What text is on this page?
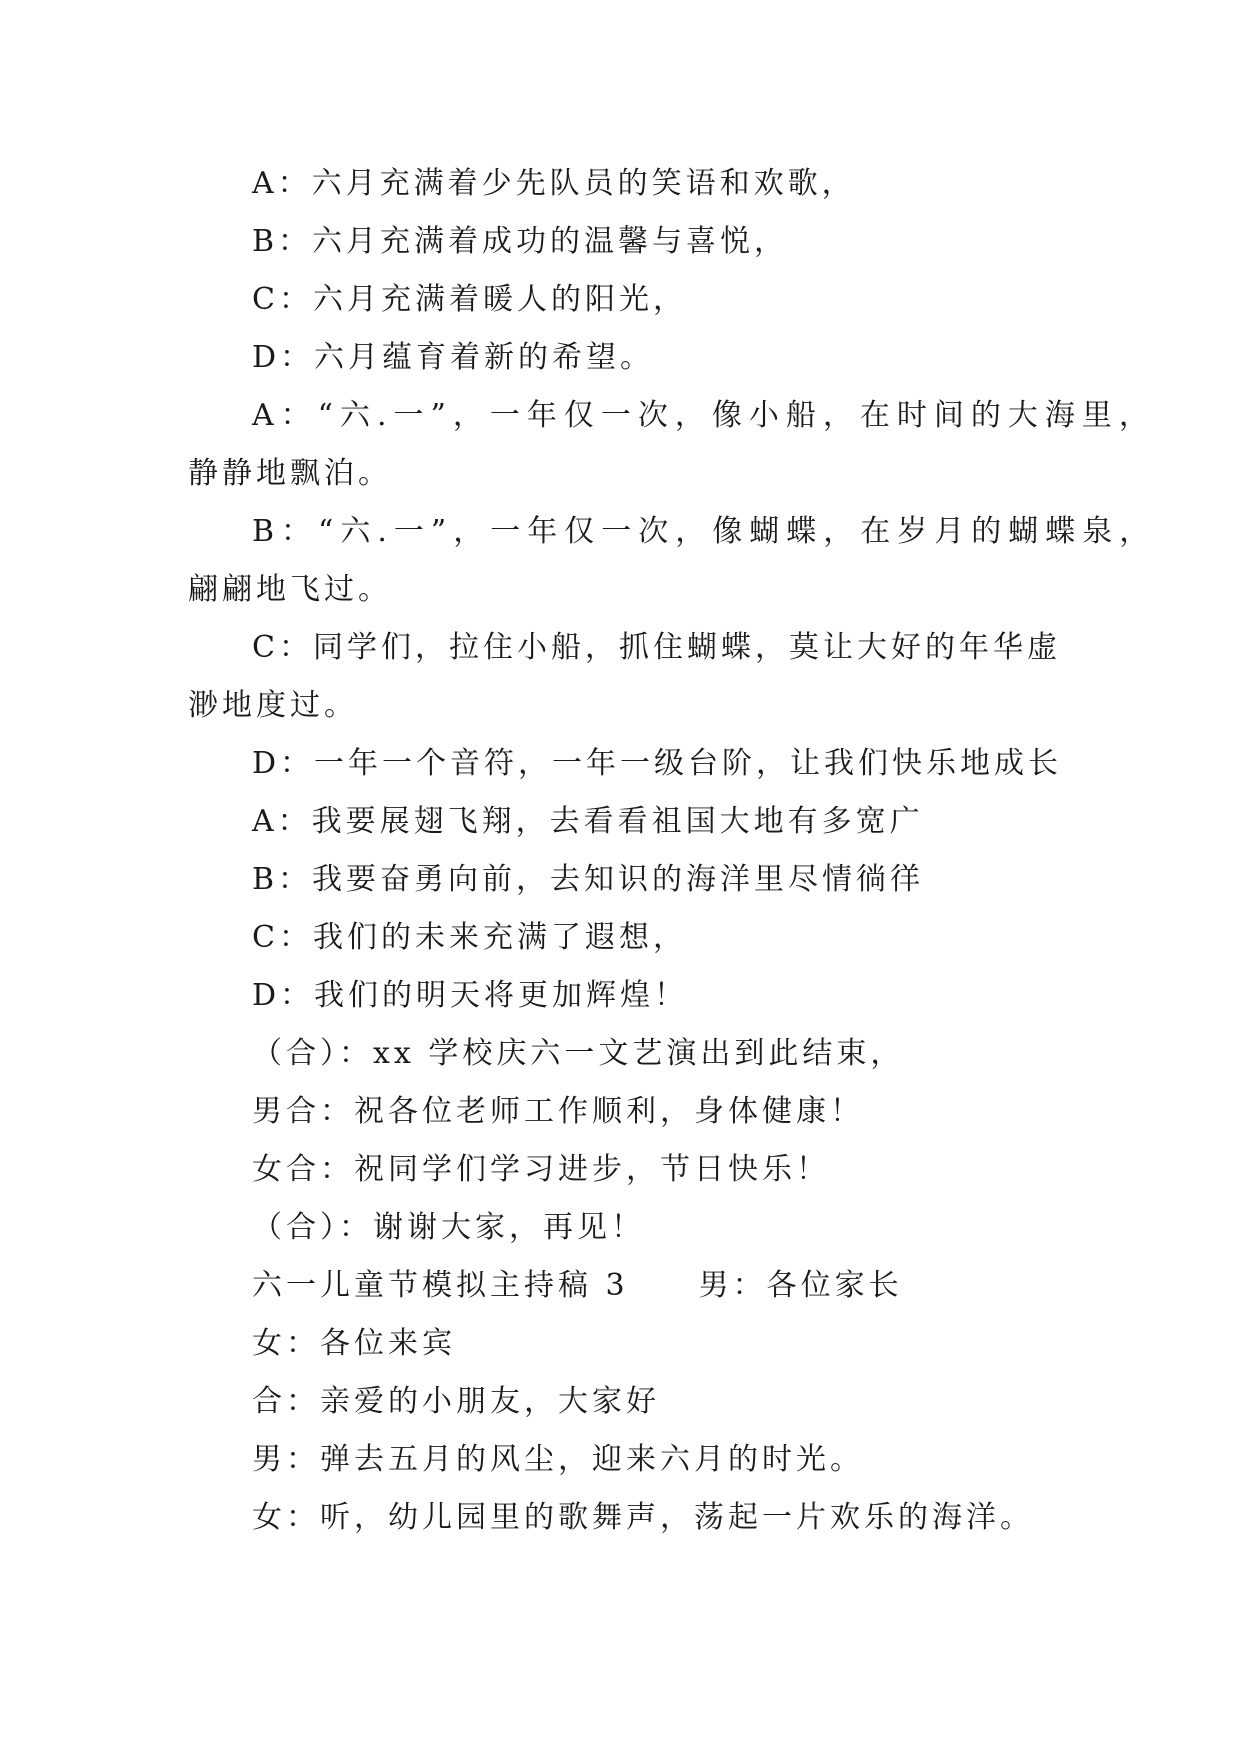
A：六月充满着少先队员的笑语和欢歌，

B：六月充满着成功的温馨与喜悦，

C：六月充满着暖人的阳光，

D：六月蕴育着新的希望。

A：“六.一”，一年仅一次，像小船，在时间的大海里，

静静地飘泊。

B：“六.一”，一年仅一次，像蝴蝶，在岁月的蝴蝶泉，

翩翩地飞过。

C：同学们，拉住小船，抓住蝴蝶，莫让大好的年华虚

渺地度过。

D：一年一个音符，一年一级台阶，让我们快乐地成长

A：我要展翅飞翔，去看看祖国大地有多宽广

B：我要奋勇向前，去知识的海洋里尽情徜徉

C：我们的未来充满了遐想，

D：我们的明天将更加辉煌！

（合）：xx 学校庆六一文艺演出到此结束，

男合：祝各位老师工作顺利，身体健康！

女合：祝同学们学习进步，节日快乐！

（合）：谢谢大家，再见！

六一儿童节模拟主持稿 3 男：各位家长

女：各位来宾

合：亲爱的小朋友，大家好

男：弹去五月的风尘，迎来六月的时光。

女：听，幼儿园里的歌舞声，荡起一片欢乐的海洋。
